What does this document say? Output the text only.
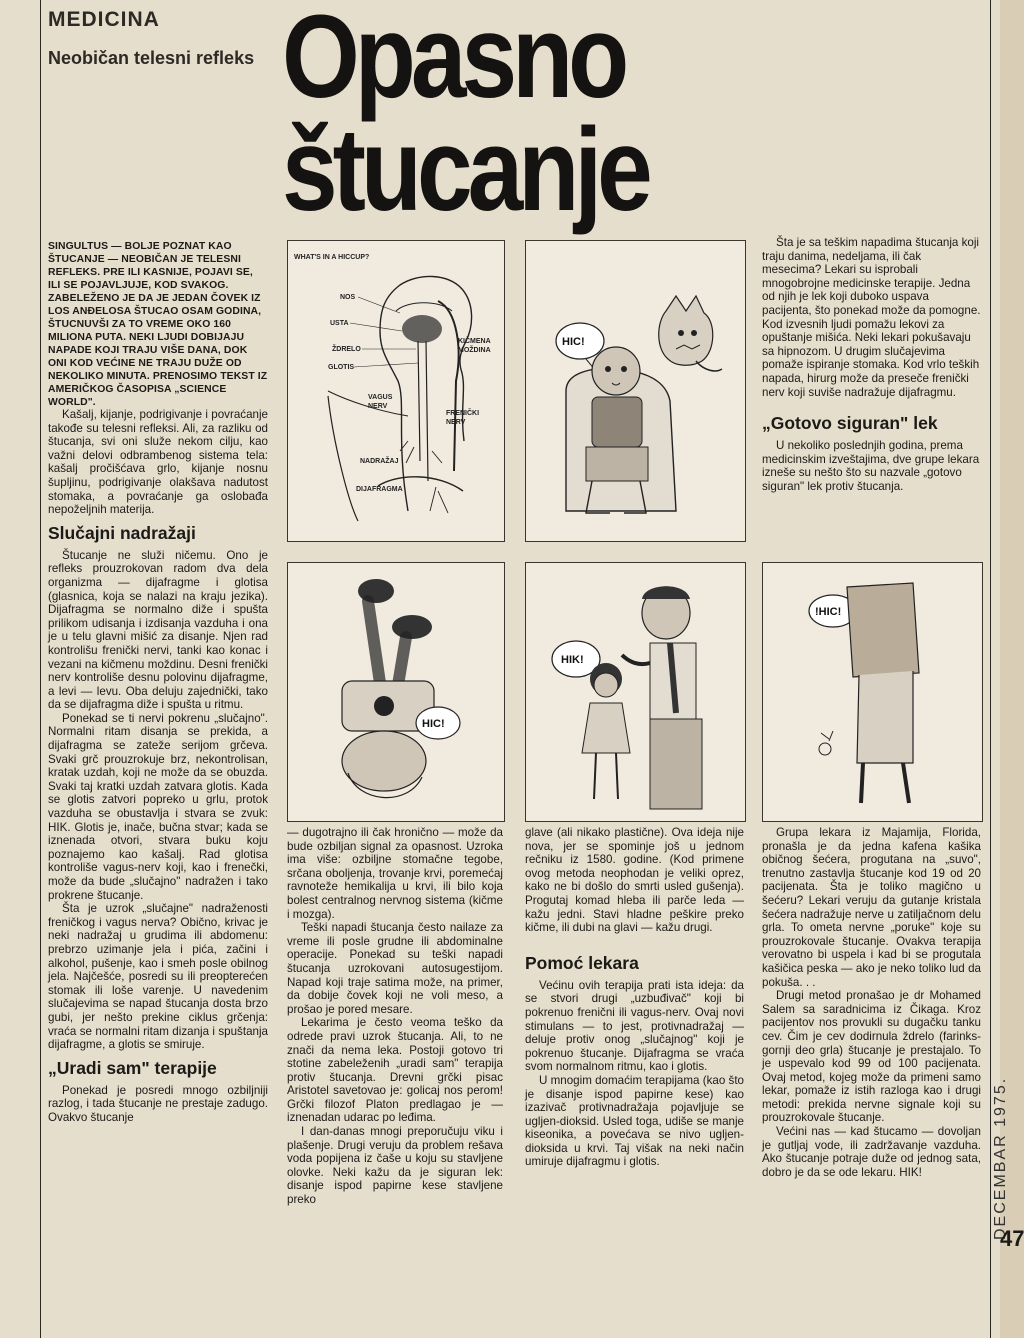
MEDICINA
Neobičan telesni refleks Opasno
štucanje

SINGULTUS — BOLJE POZNAT KAO ŠTUCANJE — NEOBIČAN JE TELESNI REFLEKS. PRE ILI KASNIJE, POJAVI SE, ILI SE POJAVLJUJE, KOD SVAKOG. ZABELEŽENO JE DA JE JEDAN ČOVEK IZ LOS ANĐELOSA ŠTUCAO OSAM GODINA, ŠTUCNUVŠI ZA TO VREME OKO 160 MILIONA PUTA. NEKI LJUDI DOBIJAJU NAPADE KOJI TRAJU VIŠE DANA, DOK ONI KOD VEĆINE NE TRAJU DUŽE OD NEKOLIKO MINUTA. PRENOSIMO TEKST IZ AMERIČKOG ČASOPISA „SCIENCE WORLD".

Kašalj, kijanje, podrigivanje i povraćanje takođe su telesni refleksi. Ali, za razliku od štucanja, svi oni služe nekom cilju, kao važni delovi odbrambenog sistema tela: kašalj pročišćava grlo, kijanje nosnu šupljinu, podrigivanje olakšava nadutost stomaka, a povraćanje ga oslobađa nepoželjnih materija.

Slučajni nadražaji

Štucanje ne služi ničemu. Ono je refleks prouzrokovan radom dva dela organizma — dijafragme i glotisa (glasnica, koja se nalazi na kraju jezika). Dijafragma se normalno diže i spušta prilikom udisanja i izdisanja vazduha i ona je u telu glavni mišić za disanje. Njen rad kontrolišu frenički nervi, tanki kao konac i vezani na kičmenu moždinu. Desni frenički nerv kontroliše desnu polovinu dijafragme, a levi — levu. Oba deluju zajednički, tako da se dijafragma diže i spušta u ritmu.

Ponekad se ti nervi pokrenu „slučajno". Normalni ritam disanja se prekida, a dijafragma se zateže serijom grčeva. Svaki grč prouzrokuje brz, nekontrolisan, kratak uzdah, koji ne može da se obuzda. Svaki taj kratki uzdah zatvara glotis. Kada se glotis zatvori popreko u grlu, protok vazduha se obustavlja i stvara se zvuk: HIK. Glotis je, inače, bučna stvar; kada se iznenada otvori, stvara buku koju poznajemo kao kašalj. Rad glotisa kontroliše vagus-nerv koji, kao i frenečki, može da bude „slučajno" nadražen i tako prokrene štucanje.

Šta je uzrok „slučajne" nadraženosti freničkog i vagus nerva? Obično, krivac je neki nadražaj u grudima ili abdomenu: prebrzo uzimanje jela i pića, začini i alkohol, pušenje, kao i smeh posle obilnog jela. Najčešće, posredi su ili preopterećen stomak ili loše varenje. U navedenim slučajevima se napad štucanja dosta brzo gubi, jer nešto prekine ciklus grčenja: vraća se normalni ritam dizanja i spuštanja dijafragme, a glotis se smiruje.

„Uradi sam" terapije

Ponekad je posredi mnogo ozbiljniji razlog, i tada štucanje ne prestaje zadugo. Ovakvo štucanje

WHAT'S IN A HICCUP?
NOS
USTA
ŽDRELO
GLOTIS
KIČMENA
MOŽDINA
VAGUS
NERV
FRENIČKI
NERV
NADRAŽAJ
DIJAFRAGMA
HIC!
HIC!
HIK!
!HIC!

Šta je sa teškim napadima štucanja koji traju danima, nedeljama, ili čak mesecima? Lekari su isprobali mnogobrojne medicinske terapije. Jedna od njih je lek koji duboko uspava pacijenta, što ponekad može da pomogne. Kod izvesnih ljudi pomažu lekovi za opuštanje mišića. Neki lekari pokušavaju sa hipnozom. U drugim slučajevima pomaže ispiranje stomaka. Kod vrlo teških napada, hirurg može da preseče frenički nerv koji suviše nadražuje dijafragmu.

„Gotovo siguran" lek

U nekoliko poslednjih godina, prema medicinskim izveštajima, dve grupe lekara izneše su nešto što su nazvale „gotovo siguran" lek protiv štucanja.

— dugotrajno ili čak hronično — može da bude ozbiljan signal za opasnost. Uzroka ima više: ozbiljne stomačne tegobe, srčana oboljenja, trovanje krvi, poremećaj ravnoteže hemikalija u krvi, ili bilo koja bolest centralnog nervnog sistema (kičme i mozga).

Teški napadi štucanja često nailaze za vreme ili posle grudne ili abdominalne operacije. Ponekad su teški napadi štucanja uzrokovani autosugestijom. Napad koji traje satima može, na primer, da dobije čovek koji ne voli meso, a prošao je pored mesare.

Lekarima je često veoma teško da odrede pravi uzrok štucanja. Ali, to ne znači da nema leka. Postoji gotovo tri stotine zabeleženih „uradi sam" terapija protiv štucanja. Drevni grčki pisac Aristotel savetovao je: golicaj nos perom! Grčki filozof Platon predlagao je — iznenadan udarac po leđima.

I dan-danas mnogi preporučuju viku i plašenje. Drugi veruju da problem rešava voda popijena iz čaše u koju su stavljene olovke. Neki kažu da je siguran lek: disanje ispod papirne kese stavljene preko

glave (ali nikako plastične). Ova ideja nije nova, jer se spominje još u jednom rečniku iz 1580. godine. (Kod primene ovog metoda neophodan je veliki oprez, kako ne bi došlo do smrti usled gušenja). Progutaj komad hleba ili parče leda — kažu jedni. Stavi hladne peškire preko kičme, ili dubi na glavi — kažu drugi.

Pomoć lekara

Većinu ovih terapija prati ista ideja: da se stvori drugi „uzbuđivač" koji bi pokrenuo frenični ili vagus-nerv. Ovaj novi stimulans — to jest, protivnadražaj — deluje protiv onog „slučajnog" koji je pokrenuo štucanje. Dijafragma se vraća svom normalnom ritmu, kao i glotis.

U mnogim domaćim terapijama (kao što je disanje ispod papirne kese) kao izazivač protivnadražaja pojavljuje se ugljen-dioksid. Usled toga, udiše se manje kiseonika, a povećava se nivo ugljen-dioksida u krvi. Taj višak na neki način umiruje dijafragmu i glotis.

Grupa lekara iz Majamija, Florida, pronašla je da jedna kafena kašika običnog šećera, progutana na „suvo", trenutno zastavlja štucanje kod 19 od 20 pacijenata. Šta je toliko magično u šećeru? Lekari veruju da gutanje kristala šećera nadražuje nerve u zatiljačnom delu grla. To ometa nervne „poruke" koje su prouzrokovale štucanje. Ovakva terapija verovatno bi uspela i kad bi se progutala kašičica peska — ako je neko toliko lud da pokuša. . .

Drugi metod pronašao je dr Mohamed Salem sa saradnicima iz Čikaga. Kroz pacijentov nos provukli su dugačku tanku cev. Čim je cev dodirnula ždrelo (farinks-gornji deo grla) štucanje je prestajalo. To je uspevalo kod 99 od 100 pacijenata. Ovaj metod, kojeg može da primeni samo lekar, pomaže iz istih razloga kao i drugi metodi: prekida nervne signale koji su prouzrokovale štucanje.

Većini nas — kad štucamo — dovoljan je gutljaj vode, ili zadržavanje vazduha. Ako štucanje potraje duže od jednog sata, dobro je da se ode lekaru. HIK!	DECEMBAR 1975.

47
